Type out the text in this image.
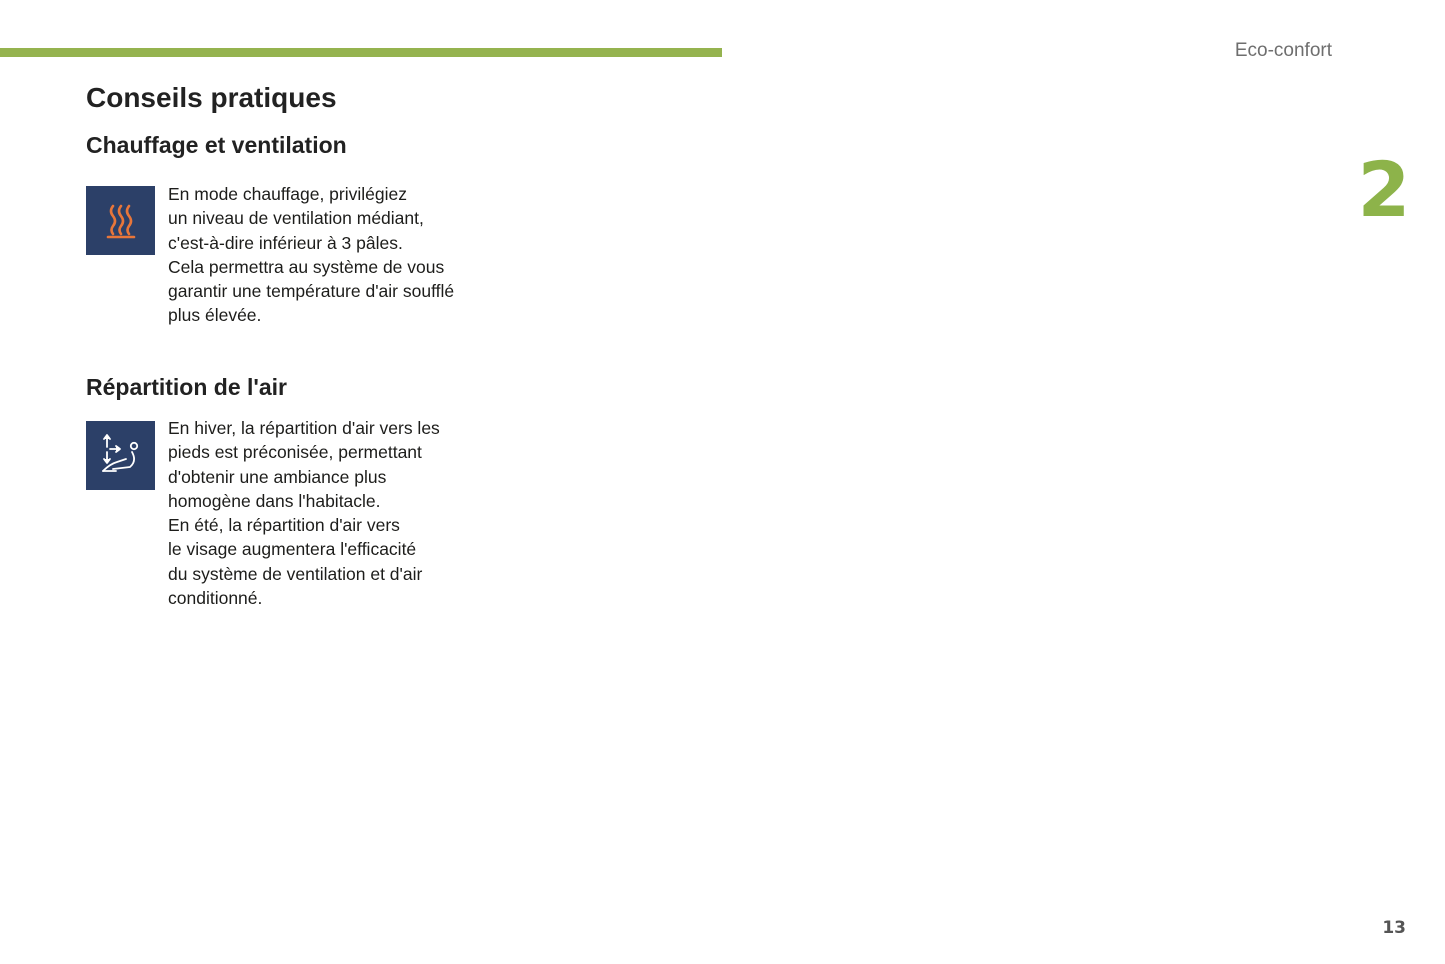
Eco-confort
2
Conseils pratiques
Chauffage et ventilation
En mode chauffage, privilégiez
un niveau de ventilation médiant,
c'est-à-dire inférieur à 3 pâles.
Cela permettra au système de vous
garantir une température d'air soufflé
plus élevée.
Répartition de l'air
En hiver, la répartition d'air vers les
pieds est préconisée, permettant
d'obtenir une ambiance plus
homogène dans l'habitacle.
En été, la répartition d'air vers
le visage augmentera l'efficacité
du système de ventilation et d'air
conditionné.
13
